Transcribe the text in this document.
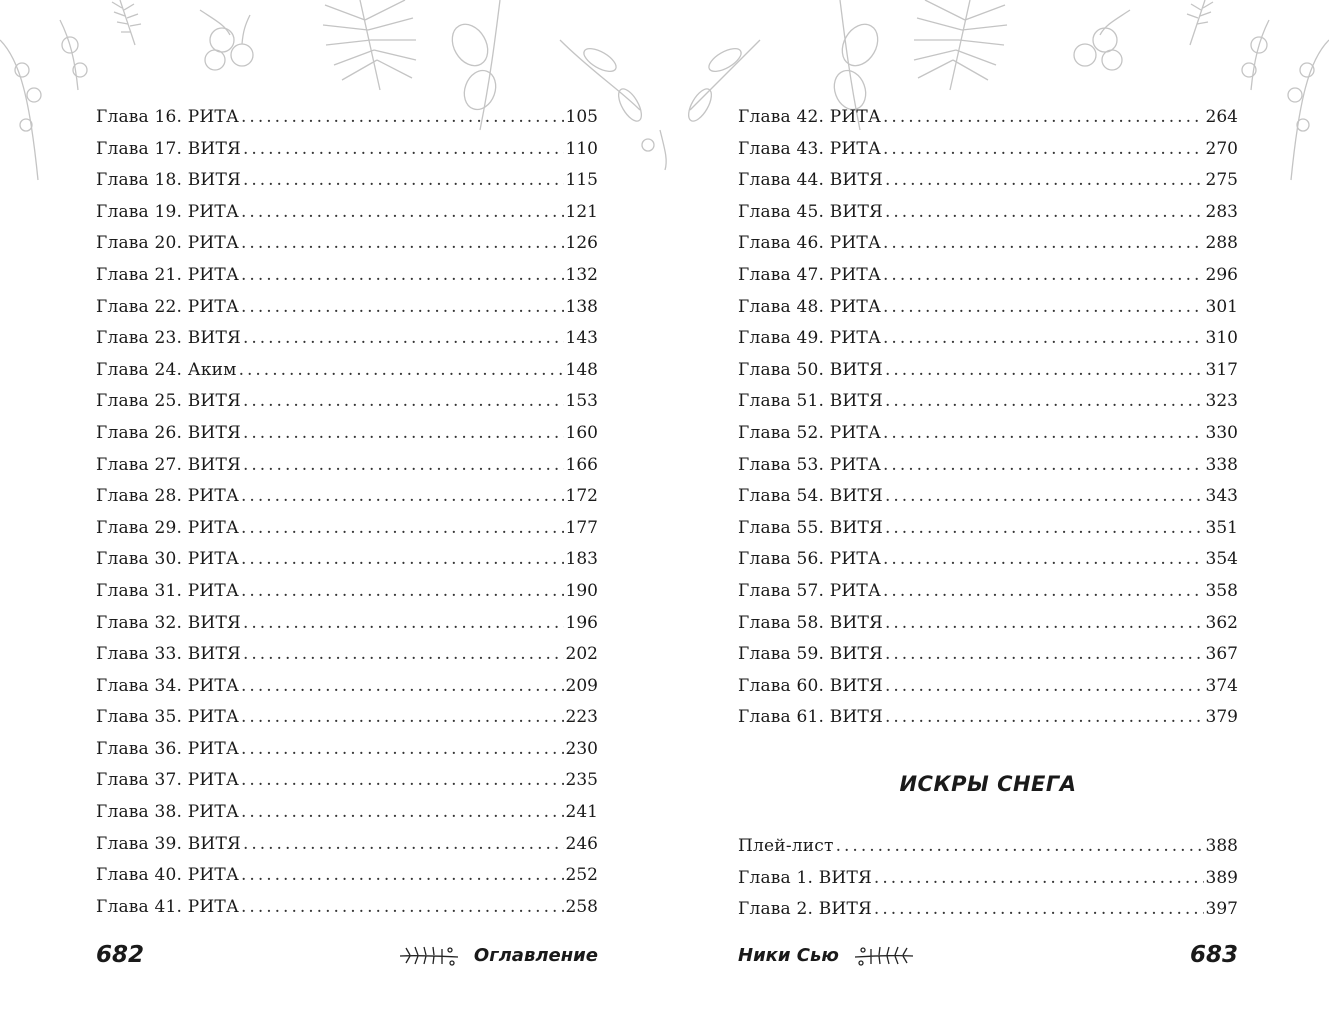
Глава 16. РИТА .....	105
Глава 17. ВИТЯ .....	110
Глава 18. ВИТЯ .....	115
Глава 19. РИТА .....	121
Глава 20. РИТА .....	126
Глава 21. РИТА .....	132
Глава 22. РИТА .....	138
Глава 23. ВИТЯ .....	143
Глава 24. Аким .....	148
Глава 25. ВИТЯ .....	153
Глава 26. ВИТЯ .....	160
Глава 27. ВИТЯ .....	166
Глава 28. РИТА .....	172
Глава 29. РИТА .....	177
Глава 30. РИТА .....	183
Глава 31. РИТА .....	190
Глава 32. ВИТЯ .....	196
Глава 33. ВИТЯ .....	202
Глава 34. РИТА .....	209
Глава 35. РИТА .....	223
Глава 36. РИТА .....	230
Глава 37. РИТА .....	235
Глава 38. РИТА .....	241
Глава 39. ВИТЯ .....	246
Глава 40. РИТА .....	252
Глава 41. РИТА .....	258
682	Оглавление
Глава 42. РИТА .....	264
Глава 43. РИТА .....	270
Глава 44. ВИТЯ .....	275
Глава 45. ВИТЯ .....	283
Глава 46. РИТА .....	288
Глава 47. РИТА .....	296
Глава 48. РИТА .....	301
Глава 49. РИТА .....	310
Глава 50. ВИТЯ .....	317
Глава 51. ВИТЯ .....	323
Глава 52. РИТА .....	330
Глава 53. РИТА .....	338
Глава 54. ВИТЯ .....	343
Глава 55. ВИТЯ .....	351
Глава 56. РИТА .....	354
Глава 57. РИТА .....	358
Глава 58. ВИТЯ .....	362
Глава 59. ВИТЯ .....	367
Глава 60. ВИТЯ .....	374
Глава 61. ВИТЯ .....	379
ИСКРЫ СНЕГА
Плей-лист .....	388
Глава 1. ВИТЯ .....	389
Глава 2. ВИТЯ .....	397
Ники Сью	683
